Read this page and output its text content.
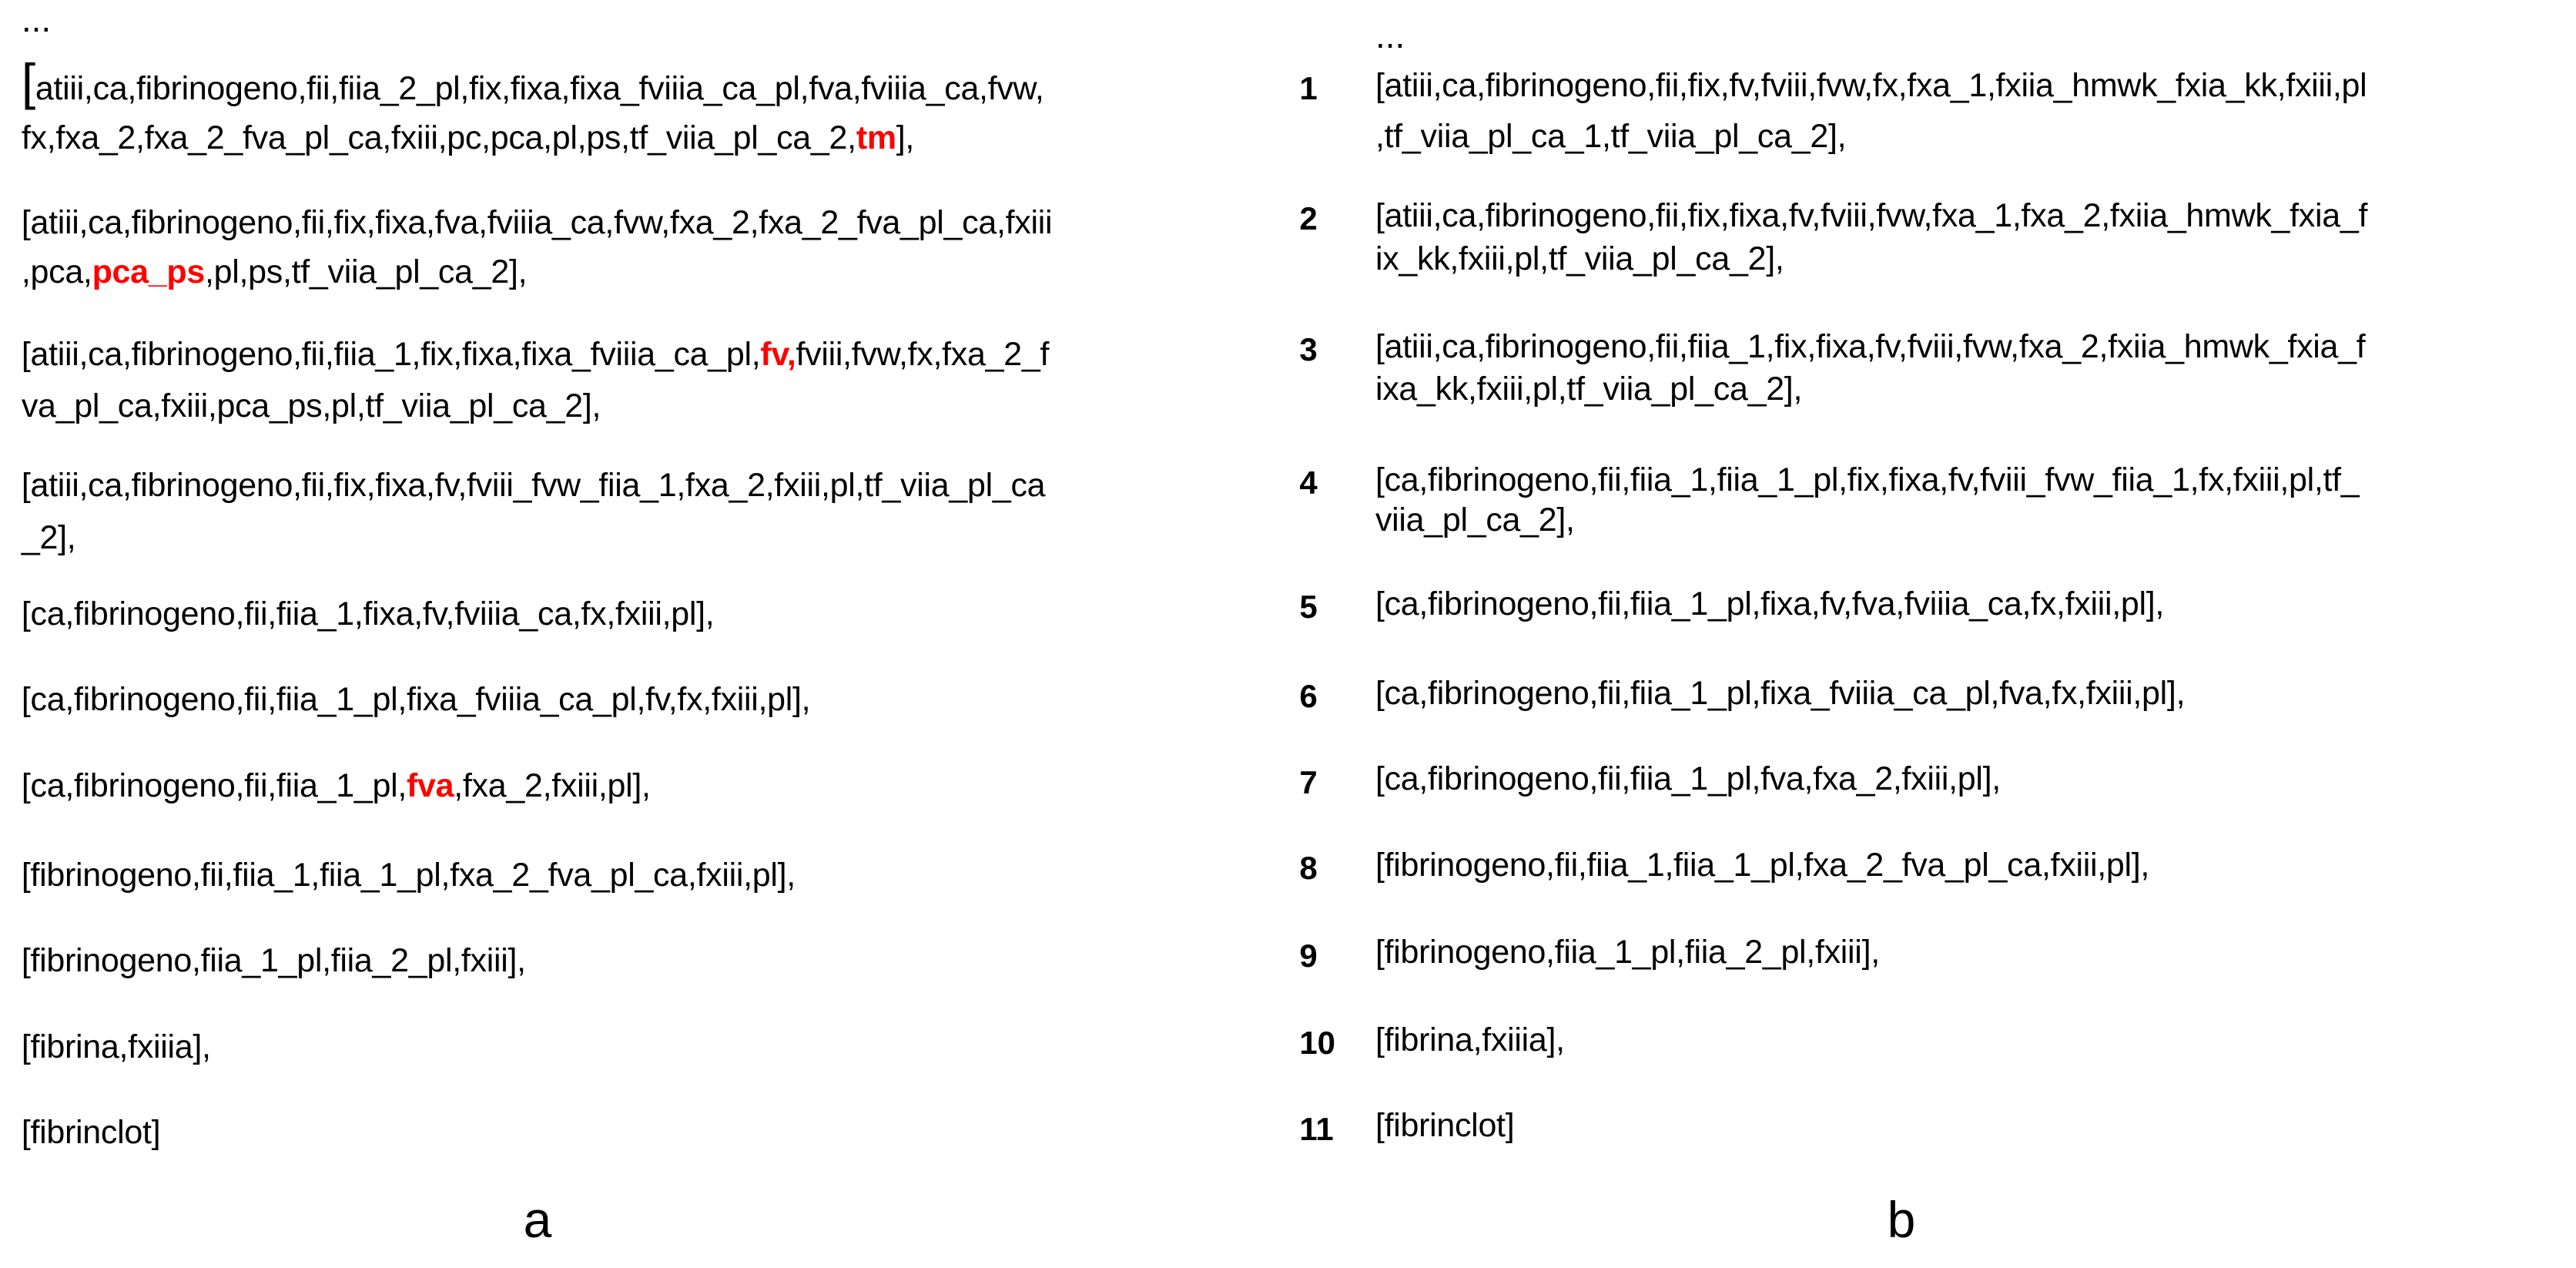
...
[atiii,ca,fibrinogeno,fii,fiia_2_pl,fix,fixa,fixa_fviiia_ca_pl,fva,fviiia_ca,fvw,
fx,fxa_2,fxa_2_fva_pl_ca,fxiii,pc,pca,pl,ps,tf_viia_pl_ca_2,tm],
[atiii,ca,fibrinogeno,fii,fix,fixa,fva,fviiia_ca,fvw,fxa_2,fxa_2_fva_pl_ca,fxiii
,pca,pca_ps,pl,ps,tf_viia_pl_ca_2],
[atiii,ca,fibrinogeno,fii,fiia_1,fix,fixa,fixa_fviiia_ca_pl,fv,fviii,fvw,fx,fxa_2_f
va_pl_ca,fxiii,pca_ps,pl,tf_viia_pl_ca_2],
[atiii,ca,fibrinogeno,fii,fix,fixa,fv,fviii_fvw_fiia_1,fxa_2,fxiii,pl,tf_viia_pl_ca
_2],
[ca,fibrinogeno,fii,fiia_1,fixa,fv,fviiia_ca,fx,fxiii,pl],
[ca,fibrinogeno,fii,fiia_1_pl,fixa_fviiia_ca_pl,fv,fx,fxiii,pl],
[ca,fibrinogeno,fii,fiia_1_pl,fva,fxa_2,fxiii,pl],
[fibrinogeno,fii,fiia_1,fiia_1_pl,fxa_2_fva_pl_ca,fxiii,pl],
[fibrinogeno,fiia_1_pl,fiia_2_pl,fxiii],
[fibrina,fxiiia],
[fibrinclot]
a
...
1 [atiii,ca,fibrinogeno,fii,fix,fv,fviii,fvw,fx,fxa_1,fxiia_hmwk_fxia_kk,fxiii,pl
,tf_viia_pl_ca_1,tf_viia_pl_ca_2],
2 [atiii,ca,fibrinogeno,fii,fix,fixa,fv,fviii,fvw,fxa_1,fxa_2,fxiia_hmwk_fxia_f
ix_kk,fxiii,pl,tf_viia_pl_ca_2],
3 [atiii,ca,fibrinogeno,fii,fiia_1,fix,fixa,fv,fviii,fvw,fxa_2,fxiia_hmwk_fxia_f
ixa_kk,fxiii,pl,tf_viia_pl_ca_2],
4 [ca,fibrinogeno,fii,fiia_1,fiia_1_pl,fix,fixa,fv,fviii_fvw_fiia_1,fx,fxiii,pl,tf_
viia_pl_ca_2],
5 [ca,fibrinogeno,fii,fiia_1_pl,fixa,fv,fva,fviiia_ca,fx,fxiii,pl],
6 [ca,fibrinogeno,fii,fiia_1_pl,fixa_fviiia_ca_pl,fva,fx,fxiii,pl],
7 [ca,fibrinogeno,fii,fiia_1_pl,fva,fxa_2,fxiii,pl],
8 [fibrinogeno,fii,fiia_1,fiia_1_pl,fxa_2_fva_pl_ca,fxiii,pl],
9 [fibrinogeno,fiia_1_pl,fiia_2_pl,fxiii],
10 [fibrina,fxiiia],
11 [fibrinclot]
b
